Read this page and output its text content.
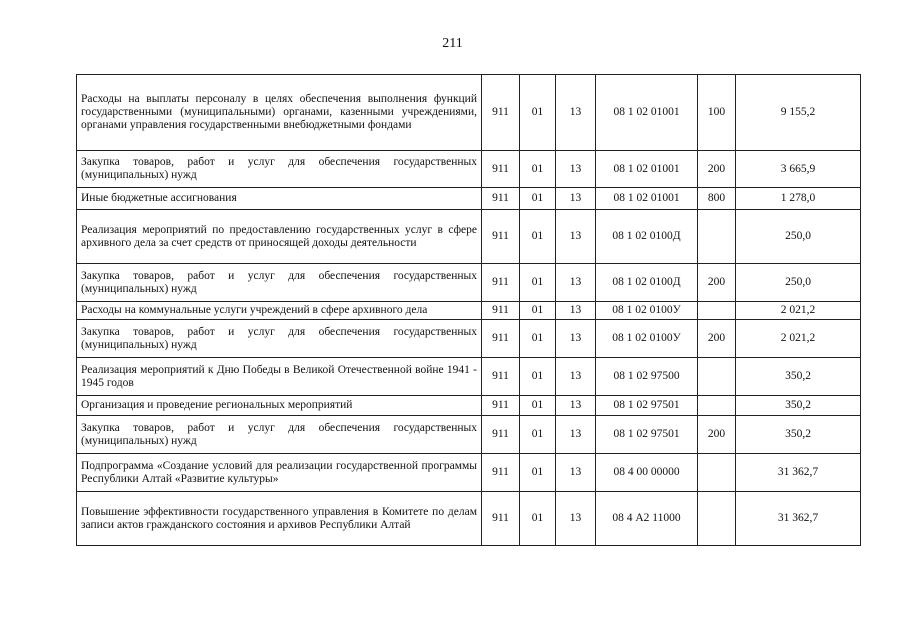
211
Расходы на выплаты персоналу в целях обеспечения выполнения функций государственными (муниципальными) органами, казенными учреждениями, органами управления государственными внебюджетными фондами	911	01	13	08 1 02 01001	100	9 155,2
Закупка товаров, работ и услуг для обеспечения государственных (муниципальных) нужд	911	01	13	08 1 02 01001	200	3 665,9
Иные бюджетные ассигнования	911	01	13	08 1 02 01001	800	1 278,0
Реализация мероприятий по предоставлению государственных услуг в сфере архивного дела за счет средств от приносящей доходы деятельности	911	01	13	08 1 02 0100Д		250,0
Закупка товаров, работ и услуг для обеспечения государственных (муниципальных) нужд	911	01	13	08 1 02 0100Д	200	250,0
Расходы на коммунальные услуги учреждений в сфере архивного дела	911	01	13	08 1 02 0100У		2 021,2
Закупка товаров, работ и услуг для обеспечения государственных (муниципальных) нужд	911	01	13	08 1 02 0100У	200	2 021,2
Реализация мероприятий к Дню Победы в Великой Отечественной войне 1941 - 1945 годов	911	01	13	08 1 02 97500		350,2
Организация и проведение региональных мероприятий	911	01	13	08 1 02 97501		350,2
Закупка товаров, работ и услуг для обеспечения государственных (муниципальных) нужд	911	01	13	08 1 02 97501	200	350,2
Подпрограмма «Создание условий для реализации государственной программы Республики Алтай «Развитие культуры»	911	01	13	08 4 00 00000		31 362,7
Повышение эффективности государственного управления в Комитете по делам записи актов гражданского состояния и архивов Республики Алтай	911	01	13	08 4 А2 11000		31 362,7
